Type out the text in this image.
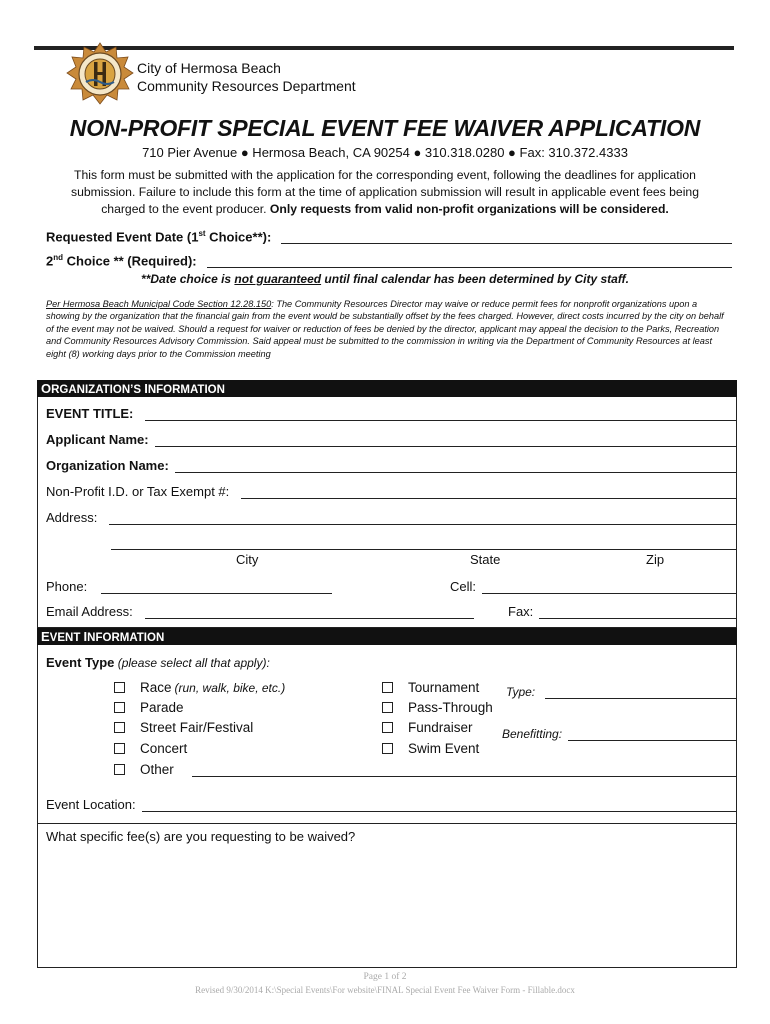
City of Hermosa Beach
Community Resources Department
NON-PROFIT SPECIAL EVENT FEE WAIVER APPLICATION
710 Pier Avenue ● Hermosa Beach, CA 90254 ● 310.318.0280 ● Fax: 310.372.4333
This form must be submitted with the application for the corresponding event, following the deadlines for application submission. Failure to include this form at the time of application submission will result in applicable event fees being charged to the event producer. Only requests from valid non-profit organizations will be considered.
Requested Event Date (1st Choice**):
2nd Choice ** (Required):
**Date choice is not guaranteed until final calendar has been determined by City staff.
Per Hermosa Beach Municipal Code Section 12.28.150: The Community Resources Director may waive or reduce permit fees for nonprofit organizations upon a showing by the organization that the financial gain from the event would be substantially offset by the fees charged. However, direct costs incurred by the city on behalf of the event may not be waived. Should a request for waiver or reduction of fees be denied by the director, applicant may appeal the decision to the Parks, Recreation and Community Resources Advisory Commission. Said appeal must be submitted to the commission in writing via the Department of Community Resources at least eight (8) working days prior to the Commission meeting
ORGANIZATION’S INFORMATION
EVENT TITLE:
Applicant Name:
Organization Name:
Non-Profit I.D. or Tax Exempt #:
Address:
City	State	Zip
Phone:	Cell:
Email Address:	Fax:
EVENT INFORMATION
Event Type (please select all that apply):
Race (run, walk, bike, etc.)
Parade
Street Fair/Festival
Concert
Other
Tournament
Pass-Through
Fundraiser
Swim Event
Type:
Benefitting:
Event Location:
What specific fee(s) are you requesting to be waived?
Page 1 of 2
Revised 9/30/2014 K:\Special Events\For website\FINAL Special Event Fee Waiver Form - Fillable.docx
